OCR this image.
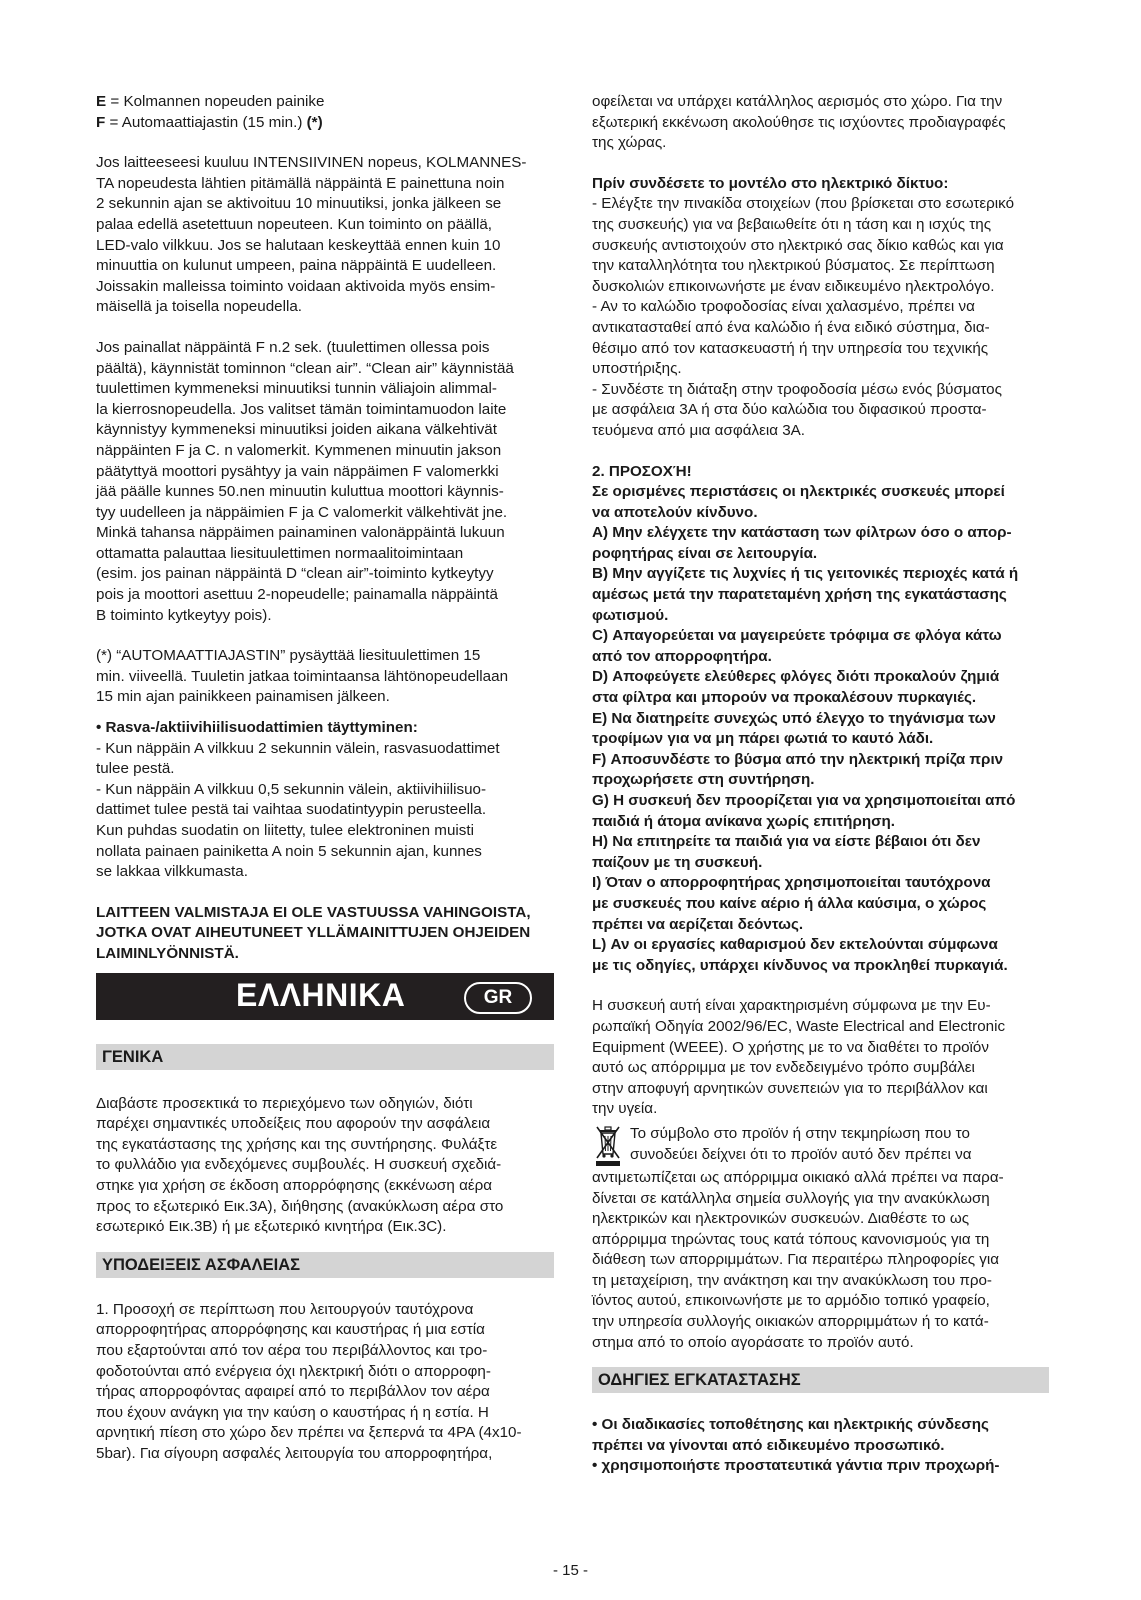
E = Kolmannen nopeuden painike
F = Automaattiajastin (15 min.) (*)
Jos laitteeseesi kuuluu INTENSIIVINEN nopeus, KOLMANNES-
TA nopeudesta lähtien pitämällä näppäintä E painettuna noin
2 sekunnin ajan se aktivoituu 10 minuutiksi, jonka jälkeen se
palaa edellä asetettuun nopeuteen. Kun toiminto on päällä,
LED-valo vilkkuu. Jos se halutaan keskeyttää ennen kuin 10
minuuttia on kulunut umpeen, paina näppäintä E uudelleen.
Joissakin malleissa toiminto voidaan aktivoida myös ensim-
mäisellä ja toisella nopeudella.
Jos painallat näppäintä F n.2 sek. (tuulettimen ollessa pois
päältä), käynnistät tominnon “clean air”. “Clean air” käynnistää
tuulettimen kymmeneksi minuutiksi tunnin väliajoin alimmal-
la kierrosnopeudella. Jos valitset tämän toimintamuodon laite
käynnistyy kymmeneksi minuutiksi joiden aikana välkehtivät
näppäinten F ja C. n valomerkit. Kymmenen minuutin jakson
päätyttyä moottori pysähtyy ja vain näppäimen F valomerkki
jää päälle kunnes 50.nen minuutin kuluttua moottori käynnis-
tyy uudelleen ja näppäimien F ja C valomerkit välkehtivät jne.
Minkä tahansa näppäimen painaminen valonäppäintä lukuun
ottamatta palauttaa liesituulettimen normaalitoimintaan
(esim. jos painan näppäintä D “clean air”-toiminto kytkeytyy
pois ja moottori asettuu 2-nopeudelle; painamalla näppäintä
B toiminto kytkeytyy pois).
(*) “AUTOMAATTIAJASTIN” pysäyttää liesituulettimen 15
min. viiveellä. Tuuletin jatkaa toimintaansa lähtönopeudellaan
15 min ajan painikkeen painamisen jälkeen.
• Rasva-/aktiivihiilisuodattimien täyttyminen:
- Kun näppäin A vilkkuu 2 sekunnin välein, rasvasuodattimet
tulee pestä.
- Kun näppäin A vilkkuu 0,5 sekunnin välein, aktiivihiilisuo-
dattimet tulee pestä tai vaihtaa suodatintyypin perusteella.
Kun puhdas suodatin on liitetty, tulee elektroninen muisti
nollata painaen painiketta A noin 5 sekunnin ajan, kunnes
se lakkaa vilkkumasta.
LAITTEEN VALMISTAJA EI OLE VASTUUSSA VAHINGOISTA,
JOTKA OVAT AIHEUTUNEET YLLÄMAINITTUJEN OHJEIDEN
LAIMINLYÖNNISTÄ.
ΕΛΛΗΝΙΚΑ	GR
ΓΕΝΙΚΑ
Διαβάστε προσεκτικά το περιεχόμενο των οδηγιών, διότι
παρέχει σημαντικές υποδείξεις που αφορούν την ασφάλεια
της εγκατάστασης της χρήσης και της συντήρησης. Φυλάξτε
το φυλλάδιο για ενδεχόμενες συμβουλές. Η συσκευή σχεδιά-
στηκε για χρήση σε έκδοση απορρόφησης (εκκένωση αέρα
προς το εξωτερικό Εικ.3A), διήθησης (ανακύκλωση αέρα στο
εσωτερικό Εικ.3B) ή με εξωτερικό κινητήρα (Εικ.3C).
ΥΠΟΔΕΙΞΕΙΣ ΑΣΦΑΛΕΙΑΣ
1. Προσοχή σε περίπτωση που λειτουργούν ταυτόχρονα
απορροφητήρας απορρόφησης και καυστήρας ή μια εστία
που εξαρτούνται από τον αέρα του περιβάλλοντος και τρο-
φοδοτούνται από ενέργεια όχι ηλεκτρική διότι ο απορροφη-
τήρας απορροφόντας αφαιρεί από το περιβάλλον τον αέρα
που έχουν ανάγκη για την καύση ο καυστήρας ή η εστία. Η
αρνητική πίεση στο χώρο δεν πρέπει να ξεπερνά τα 4PA (4x10-
5bar). Για σίγουρη ασφαλές λειτουργία του απορροφητήρα,
οφείλεται να υπάρχει κατάλληλος αερισμός στο χώρο. Για την
εξωτερική εκκένωση ακολούθησε τις ισχύοντες προδιαγραφές
της χώρας.
Πρίν συνδέσετε το μοντέλο στο ηλεκτρικό δίκτυο:
- Ελέγξτε την πινακίδα στοιχείων (που βρίσκεται στο εσωτερικό
της συσκευής) για να βεβαιωθείτε ότι η τάση και η ισχύς της
συσκευής αντιστοιχούν στο ηλεκτρικό σας δίκιο καθώς και για
την καταλληλότητα του ηλεκτρικού βύσματος. Σε περίπτωση
δυσκολιών επικοινωνήστε με έναν ειδικευμένο ηλεκτρολόγο.
- Αν το καλώδιο τροφοδοσίας είναι χαλασμένο, πρέπει να
αντικατασταθεί από ένα καλώδιο ή ένα ειδικό σύστημα, δια-
θέσιμο από τον κατασκευαστή ή την υπηρεσία του τεχνικής
υποστήριξης.
- Συνδέστε τη διάταξη στην τροφοδοσία μέσω ενός βύσματος
με ασφάλεια 3A ή στα δύο καλώδια του διφασικού προστα-
τευόμενα από μια ασφάλεια 3A.
2. ΠΡΟΣΟΧΉ!
Σε ορισμένες περιστάσεις οι ηλεκτρικές συσκευές μπορεί
να αποτελούν κίνδυνο.
A) Μην ελέγχετε την κατάσταση των φίλτρων όσο ο απορ-
ροφητήρας είναι σε λειτουργία.
B) Μην αγγίζετε τις λυχνίες ή τις γειτονικές περιοχές κατά ή
αμέσως μετά την παρατεταμένη χρήση της εγκατάστασης
φωτισμού.
C) Απαγορεύεται να μαγειρεύετε τρόφιμα σε φλόγα κάτω
από τον απορροφητήρα.
D) Αποφεύγετε ελεύθερες φλόγες διότι προκαλούν ζημιά
στα φίλτρα και μπορούν να προκαλέσουν πυρκαγιές.
E) Να διατηρείτε συνεχώς υπό έλεγχο το τηγάνισμα των
τροφίμων για να μη πάρει φωτιά το καυτό λάδι.
F) Αποσυνδέστε το βύσμα από την ηλεκτρική πρίζα πριν
προχωρήσετε στη συντήρηση.
G) Η συσκευή δεν προορίζεται για να χρησιμοποιείται από
παιδιά ή άτομα ανίκανα χωρίς επιτήρηση.
H) Να επιτηρείτε τα παιδιά για να είστε βέβαιοι ότι δεν
παίζουν με τη συσκευή.
I) Όταν ο απορροφητήρας χρησιμοποιείται ταυτόχρονα
με συσκευές που καίνε αέριο ή άλλα καύσιμα, ο χώρος
πρέπει να αερίζεται δεόντως.
L) Αν οι εργασίες καθαρισμού δεν εκτελούνται σύμφωνα
με τις οδηγίες, υπάρχει κίνδυνος να προκληθεί πυρκαγιά.
Η συσκευή αυτή είναι χαρακτηρισμένη σύμφωνα με την Ευ-
ρωπαϊκή Οδηγία 2002/96/EC, Waste Electrical and Electronic
Equipment (WEEE). Ο χρήστης με το να διαθέτει το προϊόν
αυτό ως απόρριμμα με τον ενδεδειγμένο τρόπο συμβάλει
στην αποφυγή αρνητικών συνεπειών για το περιβάλλον και
την υγεία.
Το σύμβολο στο προϊόν ή στην τεκμηρίωση που το
συνοδεύει δείχνει ότι το προϊόν αυτό δεν πρέπει να
αντιμετωπίζεται ως απόρριμμα οικιακό αλλά πρέπει να παρα-
δίνεται σε κατάλληλα σημεία συλλογής για την ανακύκλωση
ηλεκτρικών και ηλεκτρονικών συσκευών. Διαθέστε το ως
απόρριμμα τηρώντας τους κατά τόπους κανονισμούς για τη
διάθεση των απορριμμάτων. Για περαιτέρω πληροφορίες για
τη μεταχείριση, την ανάκτηση και την ανακύκλωση του προ-
ϊόντος αυτού, επικοινωνήστε με το αρμόδιο τοπικό γραφείο,
την υπηρεσία συλλογής οικιακών απορριμμάτων ή το κατά-
στημα από το οποίο αγοράσατε το προϊόν αυτό.
ΟΔΗΓΙΕΣ ΕΓΚΑΤΑΣΤΑΣΗΣ
• Οι διαδικασίες τοποθέτησης και ηλεκτρικής σύνδεσης
πρέπει να γίνονται από ειδικευμένο προσωπικό.
• χρησιμοποιήστε προστατευτικά γάντια πριν προχωρή-
- 15 -
